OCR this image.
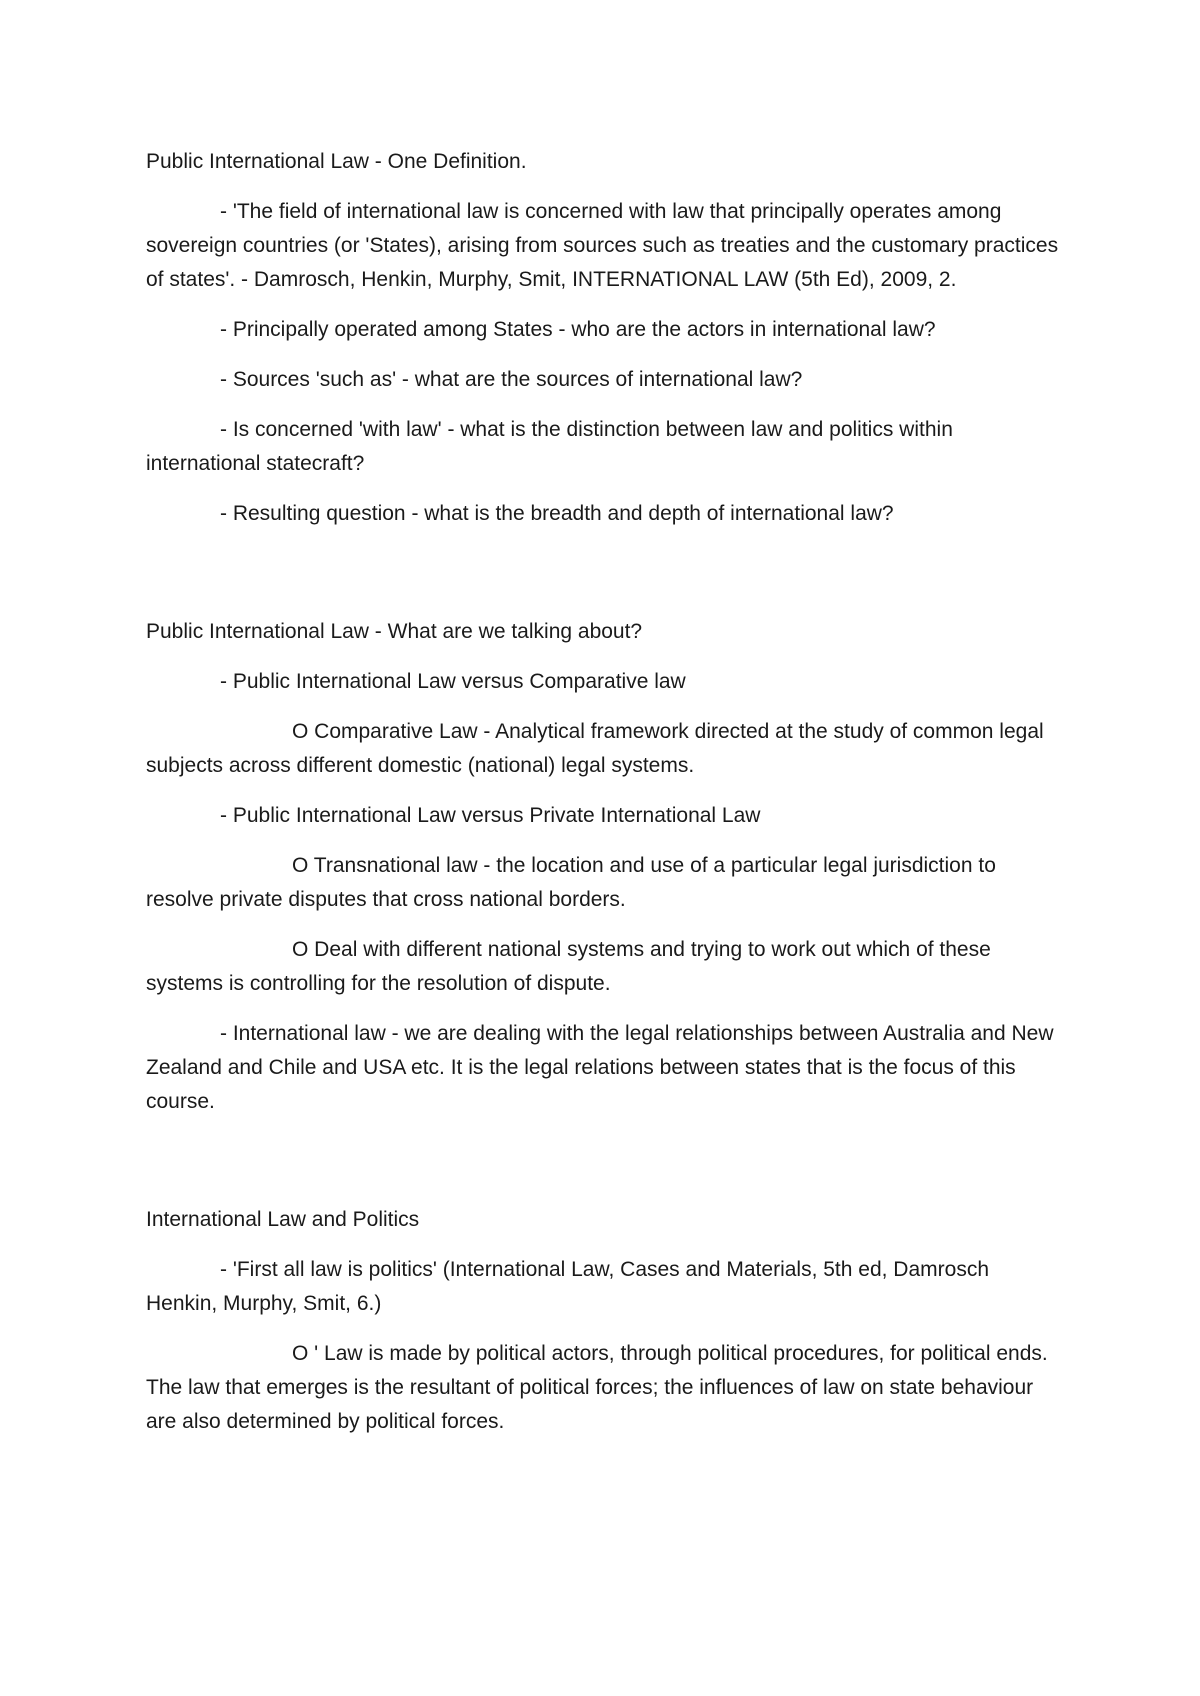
Public International Law - One Definition.

- 'The field of international law is concerned with law that principally operates among sovereign countries (or 'States), arising from sources such as treaties and the customary practices of states'. - Damrosch, Henkin, Murphy, Smit, INTERNATIONAL LAW (5th Ed), 2009, 2.

- Principally operated among States - who are the actors in international law?

- Sources 'such as' - what are the sources of international law?

- Is concerned 'with law' - what is the distinction between law and politics within international statecraft?

- Resulting question - what is the breadth and depth of international law?

Public International Law - What are we talking about?

- Public International Law versus Comparative law

O Comparative Law - Analytical framework directed at the study of common legal subjects across different domestic (national) legal systems.

- Public International Law versus Private International Law

O Transnational law - the location and use of a particular legal jurisdiction to resolve private disputes that cross national borders.

O Deal with different national systems and trying to work out which of these systems is controlling for the resolution of dispute.

- International law - we are dealing with the legal relationships between Australia and New Zealand and Chile and USA etc. It is the legal relations between states that is the focus of this course.

International Law and Politics

- 'First all law is politics' (International Law, Cases and Materials, 5th ed, Damrosch Henkin, Murphy, Smit, 6.)

O ' Law is made by political actors, through political procedures, for political ends. The law that emerges is the resultant of political forces; the influences of law on state behaviour are also determined by political forces.
